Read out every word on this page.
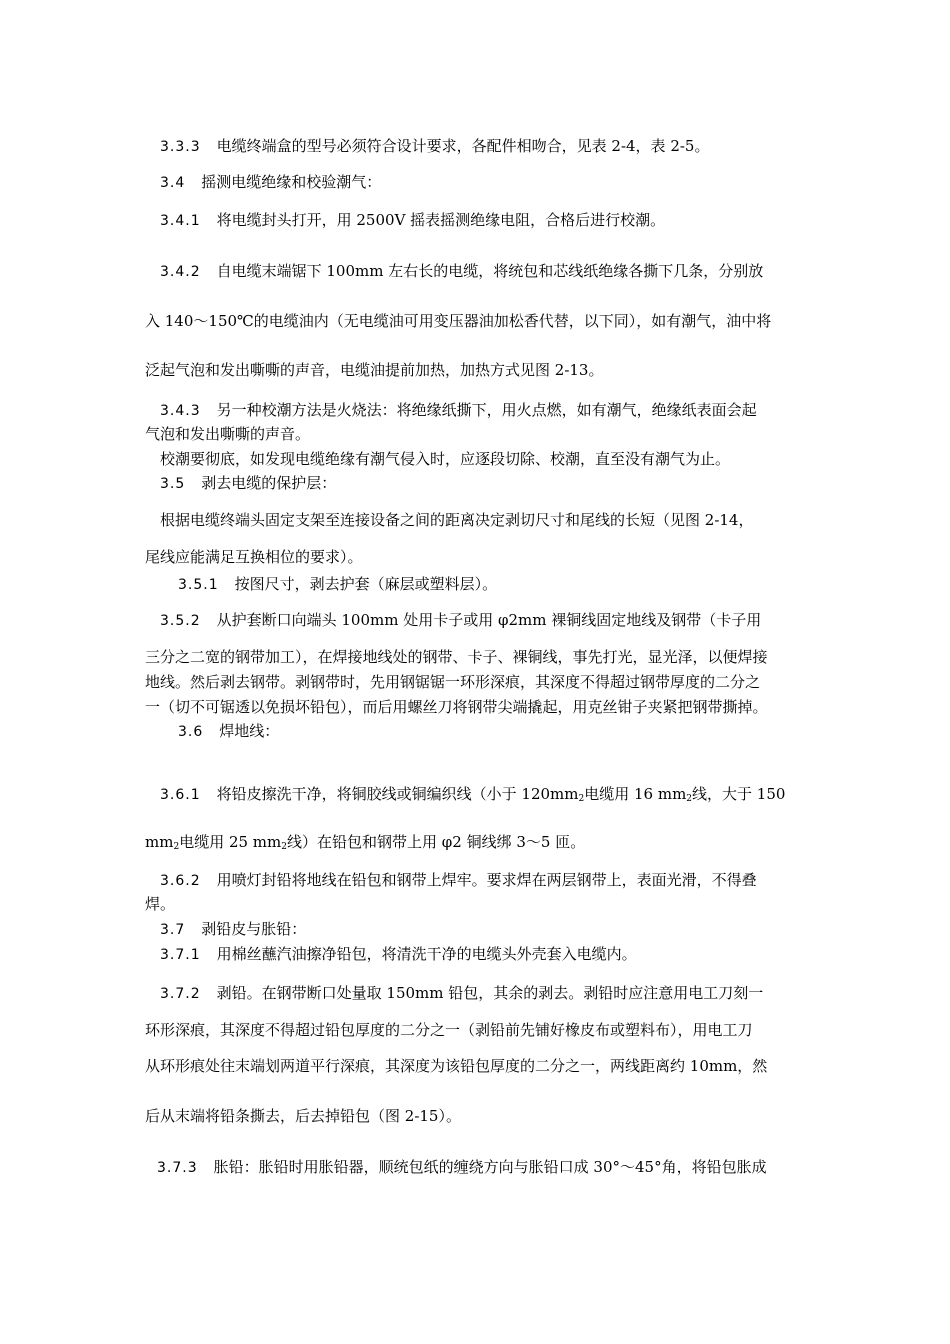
3.3.3 电缆终端盒的型号必须符合设计要求，各配件相吻合，见表 2-4，表 2-5。
3.4 摇测电缆绝缘和校验潮气：
3.4.1 将电缆封头打开，用 2500V 摇表摇测绝缘电阻，合格后进行校潮。
3.4.2 自电缆末端锯下 100mm 左右长的电缆，将统包和芯线纸绝缘各撕下几条，分别放
入 140～150℃的电缆油内（无电缆油可用变压器油加松香代替，以下同），如有潮气，油中将
泛起气泡和发出嘶嘶的声音，电缆油提前加热，加热方式见图 2-13。
3.4.3 另一种校潮方法是火烧法：将绝缘纸撕下，用火点燃，如有潮气，绝缘纸表面会起
气泡和发出嘶嘶的声音。
校潮要彻底，如发现电缆绝缘有潮气侵入时，应逐段切除、校潮，直至没有潮气为止。
3.5 剥去电缆的保护层：
根据电缆终端头固定支架至连接设备之间的距离决定剥切尺寸和尾线的长短（见图 2-14，
尾线应能满足互换相位的要求）。
3.5.1 按图尺寸，剥去护套（麻层或塑料层）。
3.5.2 从护套断口向端头 100mm 处用卡子或用 φ2mm 裸铜线固定地线及钢带（卡子用
三分之二宽的钢带加工），在焊接地线处的钢带、卡子、裸铜线，事先打光，显光泽，以便焊接
地线。然后剥去钢带。剥钢带时，先用钢锯锯一环形深痕，其深度不得超过钢带厚度的二分之
一（切不可锯透以免损坏铅包），而后用螺丝刀将钢带尖端撬起，用克丝钳子夹紧把钢带撕掉。
3.6 焊地线：
3.6.1 将铅皮擦洗干净，将铜胶线或铜编织线（小于 $120mm_2$电缆用 16 $mm_2$线，大于 150
$mm_2$电缆用 25 $mm_2$线）在铅包和钢带上用 φ2 铜线绑 3～5 匝。
3.6.2 用喷灯封铅将地线在铅包和钢带上焊牢。要求焊在两层钢带上，表面光滑，不得叠
焊。
3.7 剥铅皮与胀铅：
3.7.1 用棉丝蘸汽油擦净铅包，将清洗干净的电缆头外壳套入电缆内。
3.7.2 剥铅。在钢带断口处量取 150mm 铅包，其余的剥去。剥铅时应注意用电工刀刻一
环形深痕，其深度不得超过铅包厚度的二分之一（剥铅前先铺好橡皮布或塑料布），用电工刀
从环形痕处往末端划两道平行深痕，其深度为该铅包厚度的二分之一，两线距离约 10mm，然
后从末端将铅条撕去，后去掉铅包（图 2-15）。
3.7.3 胀铅：胀铅时用胀铅器，顺统包纸的缠绕方向与胀铅口成 30°～45°角，将铅包胀成
